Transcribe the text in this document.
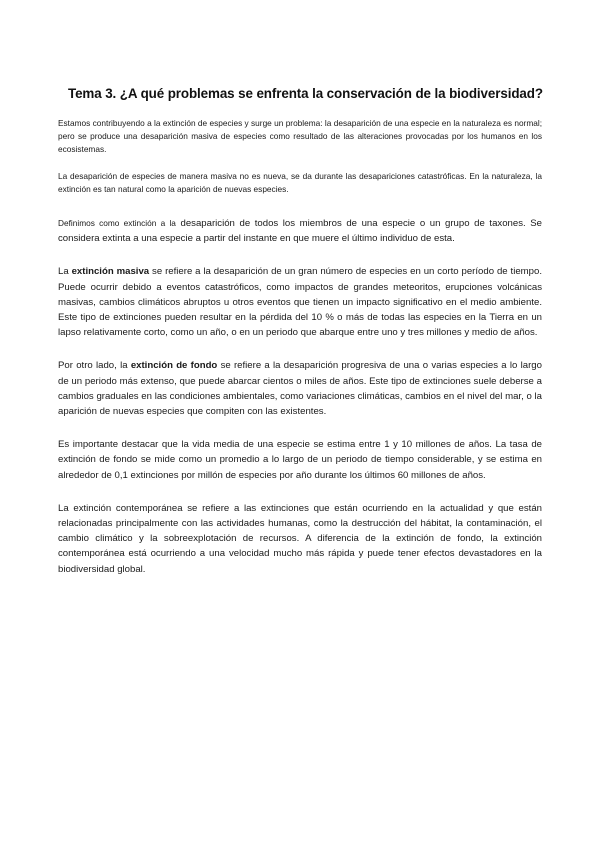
Tema 3. ¿A qué problemas se enfrenta la conservación de la biodiversidad?

Estamos contribuyendo a la extinción de especies y surge un problema: la desaparición de una especie en la naturaleza es normal; pero se produce una desaparición masiva de especies como resultado de las alteraciones provocadas por los humanos en los ecosistemas.

La desaparición de especies de manera masiva no es nueva, se da durante las desapariciones catastróficas. En la naturaleza, la extinción es tan natural como la aparición de nuevas especies.

Definimos como extinción a la desaparición de todos los miembros de una especie o un grupo de taxones. Se considera extinta a una especie a partir del instante en que muere el último individuo de esta.

La extinción masiva se refiere a la desaparición de un gran número de especies en un corto período de tiempo. Puede ocurrir debido a eventos catastróficos, como impactos de grandes meteoritos, erupciones volcánicas masivas, cambios climáticos abruptos u otros eventos que tienen un impacto significativo en el medio ambiente. Este tipo de extinciones pueden resultar en la pérdida del 10 % o más de todas las especies en la Tierra en un lapso relativamente corto, como un año, o en un periodo que abarque entre uno y tres millones y medio de años.

Por otro lado, la extinción de fondo se refiere a la desaparición progresiva de una o varias especies a lo largo de un periodo más extenso, que puede abarcar cientos o miles de años. Este tipo de extinciones suele deberse a cambios graduales en las condiciones ambientales, como variaciones climáticas, cambios en el nivel del mar, o la aparición de nuevas especies que compiten con las existentes.

Es importante destacar que la vida media de una especie se estima entre 1 y 10 millones de años. La tasa de extinción de fondo se mide como un promedio a lo largo de un periodo de tiempo considerable, y se estima en alrededor de 0,1 extinciones por millón de especies por año durante los últimos 60 millones de años.

La extinción contemporánea se refiere a las extinciones que están ocurriendo en la actualidad y que están relacionadas principalmente con las actividades humanas, como la destrucción del hábitat, la contaminación, el cambio climático y la sobreexplotación de recursos. A diferencia de la extinción de fondo, la extinción contemporánea está ocurriendo a una velocidad mucho más rápida y puede tener efectos devastadores en la biodiversidad global.
